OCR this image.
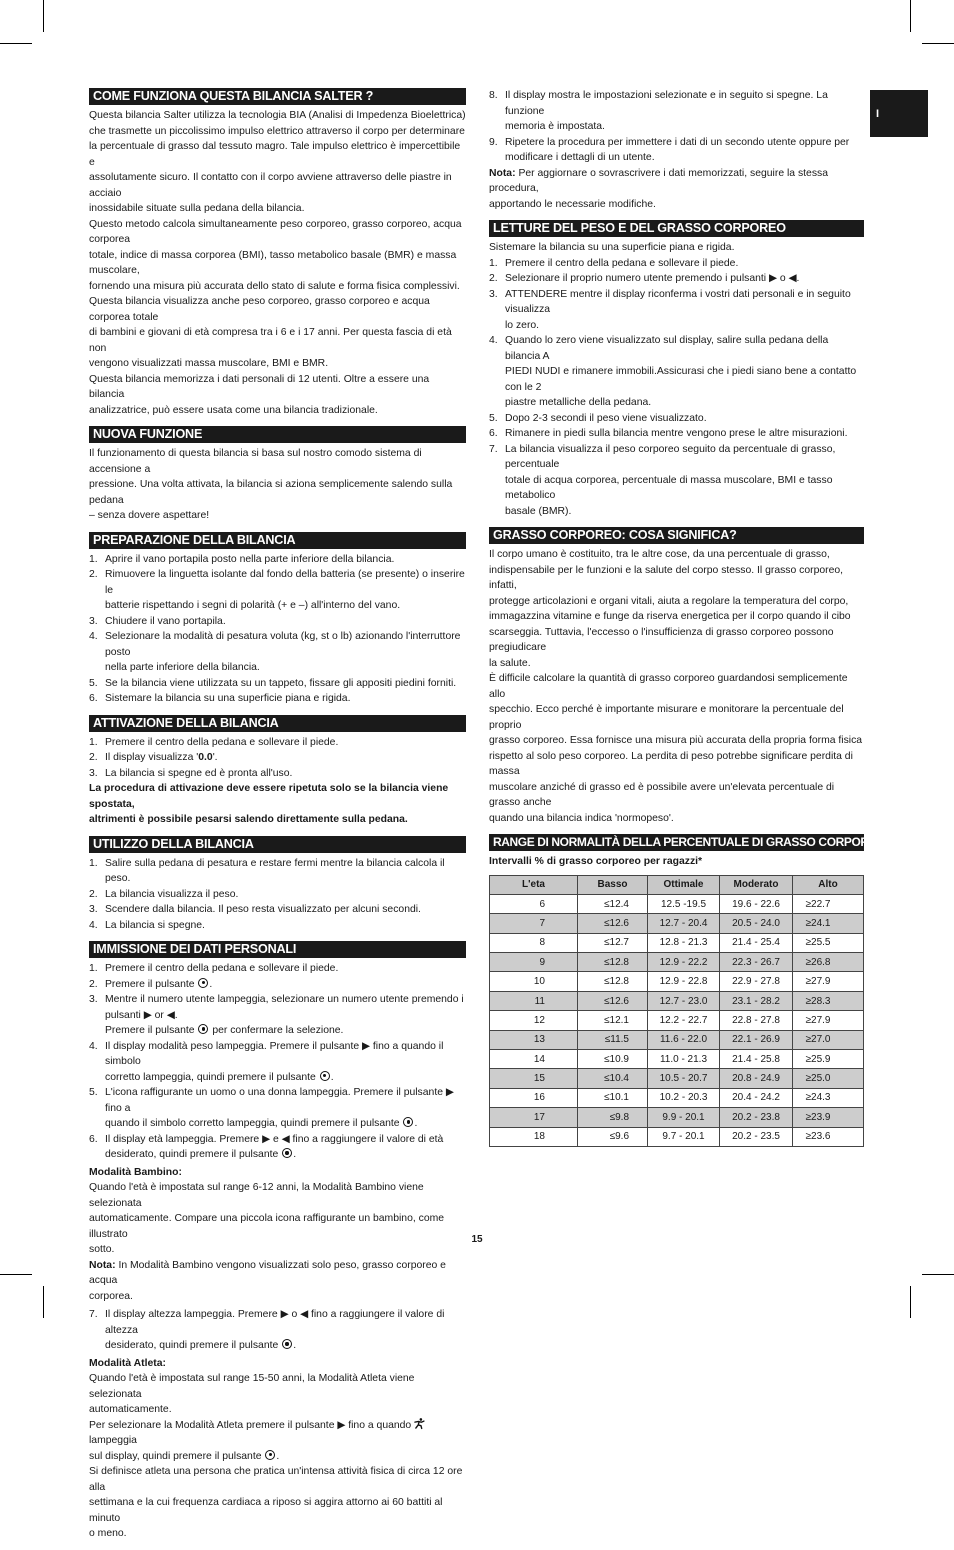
I
COME FUNZIONA QUESTA BILANCIA SALTER ?

Questa bilancia Salter utilizza la tecnologia BIA (Analisi di Impedenza Bioelettrica)

che trasmette un piccolissimo impulso elettrico attraverso il corpo per determinare

la percentuale di grasso dal tessuto magro. Tale impulso elettrico è impercettibile e

assolutamente sicuro. Il contatto con il corpo avviene attraverso delle piastre in acciaio

inossidabile situate sulla pedana della bilancia.

Questo metodo calcola simultaneamente peso corporeo, grasso corporeo, acqua corporea

totale, indice di massa corporea (BMI), tasso metabolico basale (BMR) e massa muscolare,

fornendo una misura più accurata dello stato di salute e forma fisica complessivi.

Questa bilancia visualizza anche peso corporeo, grasso corporeo e acqua corporea totale

di bambini e giovani di età compresa tra i 6 e i 17 anni. Per questa fascia di età non

vengono visualizzati massa muscolare, BMI e BMR.

Questa bilancia memorizza i dati personali di 12 utenti. Oltre a essere una bilancia

analizzatrice, può essere usata come una bilancia tradizionale.

NUOVA FUNZIONE

Il funzionamento di questa bilancia si basa sul nostro comodo sistema di accensione a

pressione. Una volta attivata, la bilancia si aziona semplicemente salendo sulla pedana

– senza dovere aspettare!

PREPARAZIONE DELLA BILANCIA
1. Aprire il vano portapila posto nella parte inferiore della bilancia.
2. Rimuovere la linguetta isolante dal fondo della batteria (se presente) o inserire le
batterie rispettando i segni di polarità (+ e –) all'interno del vano.
3. Chiudere il vano portapila.
4. Selezionare la modalità di pesatura voluta (kg, st o lb) azionando l'interruttore posto
nella parte inferiore della bilancia.
5. Se la bilancia viene utilizzata su un tappeto, fissare gli appositi piedini forniti.
6. Sistemare la bilancia su una superficie piana e rigida.
ATTIVAZIONE DELLA BILANCIA
1. Premere il centro della pedana e sollevare il piede.
2. Il display visualizza '0.0'.
3. La bilancia si spegne ed è pronta all'uso.

La procedura di attivazione deve essere ripetuta solo se la bilancia viene spostata,

altrimenti è possibile pesarsi salendo direttamente sulla pedana.

UTILIZZO DELLA BILANCIA
1. Salire sulla pedana di pesatura e restare fermi mentre la bilancia calcola il peso.
2. La bilancia visualizza il peso.
3. Scendere dalla bilancia. Il peso resta visualizzato per alcuni secondi.
4. La bilancia si spegne.
IMMISSIONE DEI DATI PERSONALI
1. Premere il centro della pedana e sollevare il piede.
2. Premere il pulsante .
3. Mentre il numero utente lampeggia, selezionare un numero utente premendo i
pulsanti ▶ or ◀.
Premere il pulsante per confermare la selezione.
4. Il display modalità peso lampeggia. Premere il pulsante ▶ fino a quando il simbolo
corretto lampeggia, quindi premere il pulsante .
5. L'icona raffigurante un uomo o una donna lampeggia. Premere il pulsante ▶ fino a
quando il simbolo corretto lampeggia, quindi premere il pulsante .
6. Il display età lampeggia. Premere ▶ e ◀ fino a raggiungere il valore di età
desiderato, quindi premere il pulsante .

Modalità Bambino:

Quando l'età è impostata sul range 6-12 anni, la Modalità Bambino viene selezionata

automaticamente. Compare una piccola icona raffigurante un bambino, come illustrato

sotto.

Nota: In Modalità Bambino vengono visualizzati solo peso, grasso corporeo e acqua

corporea.

7. Il display altezza lampeggia. Premere ▶ o ◀ fino a raggiungere il valore di altezza
desiderato, quindi premere il pulsante .

Modalità Atleta:

Quando l'età è impostata sul range 15-50 anni, la Modalità Atleta viene selezionata

automaticamente.

Per selezionare la Modalità Atleta premere il pulsante ▶ fino a quando  lampeggia

sul display, quindi premere il pulsante .

Si definisce atleta una persona che pratica un'intensa attività fisica di circa 12 ore alla

settimana e la cui frequenza cardiaca a riposo si aggira attorno ai 60 battiti al minuto

o meno.

8. Il display mostra le impostazioni selezionate e in seguito si spegne. La funzione
memoria è impostata.
9. Ripetere la procedura per immettere i dati di un secondo utente oppure per
modificare i dettagli di un utente.

Nota: Per aggiornare o sovrascrivere i dati memorizzati, seguire la stessa procedura,

apportando le necessarie modifiche.

LETTURE DEL PESO E DEL GRASSO CORPOREO

Sistemare la bilancia su una superficie piana e rigida.

1. Premere il centro della pedana e sollevare il piede.
2. Selezionare il proprio numero utente premendo i pulsanti ▶ o ◀.
3. ATTENDERE mentre il display riconferma i vostri dati personali e in seguito visualizza
lo zero.
4. Quando lo zero viene visualizzato sul display, salire sulla pedana della bilancia A
PIEDI NUDI e rimanere immobili.Assicurasi che i piedi siano bene a contatto con le 2
piastre metalliche della pedana.
5. Dopo 2-3 secondi il peso viene visualizzato.
6. Rimanere in piedi sulla bilancia mentre vengono prese le altre misurazioni.
7. La bilancia visualizza il peso corporeo seguito da percentuale di grasso, percentuale
totale di acqua corporea, percentuale di massa muscolare, BMI e tasso metabolico
basale (BMR).
GRASSO CORPOREO: COSA SIGNIFICA?

Il corpo umano è costituito, tra le altre cose, da una percentuale di grasso,

indispensabile per le funzioni e la salute del corpo stesso. Il grasso corporeo, infatti,

protegge articolazioni e organi vitali, aiuta a regolare la temperatura del corpo,

immagazzina vitamine e funge da riserva energetica per il corpo quando il cibo

scarseggia. Tuttavia, l'eccesso o l'insufficienza di grasso corporeo possono pregiudicare

la salute.

È difficile calcolare la quantità di grasso corporeo guardandosi semplicemente allo

specchio. Ecco perché è importante misurare e monitorare la percentuale del proprio

grasso corporeo. Essa fornisce una misura più accurata della propria forma fisica

rispetto al solo peso corporeo. La perdita di peso potrebbe significare perdita di massa

muscolare anziché di grasso ed è possibile avere un'elevata percentuale di grasso anche

quando una bilancia indica 'normopeso'.

RANGE DI NORMALITÀ DELLA PERCENTUALE DI GRASSO CORPOREO

Intervalli % di grasso corporeo per ragazzi*

L'eta	Basso	Ottimale	Moderato	Alto
6	≤12.4	12.5 -19.5	19.6 - 22.6	≥22.7
7	≤12.6	12.7 - 20.4	20.5 - 24.0	≥24.1
8	≤12.7	12.8 - 21.3	21.4 - 25.4	≥25.5
9	≤12.8	12.9 - 22.2	22.3 - 26.7	≥26.8
10	≤12.8	12.9 - 22.8	22.9 - 27.8	≥27.9
11	≤12.6	12.7 - 23.0	23.1 - 28.2	≥28.3
12	≤12.1	12.2 - 22.7	22.8 - 27.8	≥27.9
13	≤11.5	11.6 - 22.0	22.1 - 26.9	≥27.0
14	≤10.9	11.0 - 21.3	21.4 - 25.8	≥25.9
15	≤10.4	10.5 - 20.7	20.8 - 24.9	≥25.0
16	≤10.1	10.2 - 20.3	20.4 - 24.2	≥24.3
17	≤9.8	9.9 - 20.1	20.2 - 23.8	≥23.9
18	≤9.6	9.7 - 20.1	20.2 - 23.5	≥23.6
15
